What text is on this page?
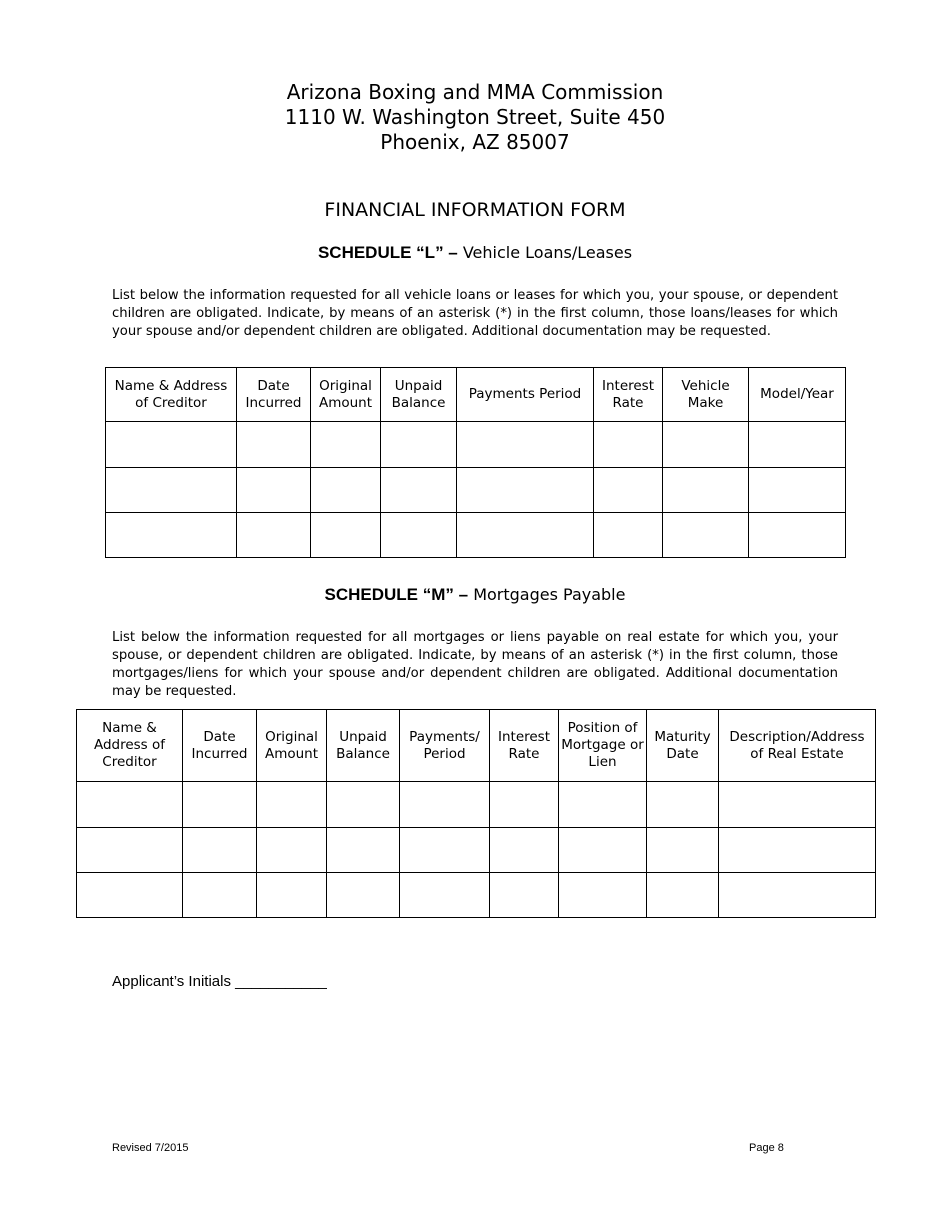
Arizona Boxing and MMA Commission
1110 W. Washington Street, Suite 450
Phoenix, AZ 85007
FINANCIAL INFORMATION FORM
SCHEDULE “L” – Vehicle Loans/Leases
List below the information requested for all vehicle loans or leases for which you, your spouse, or dependent children are obligated. Indicate, by means of an asterisk (*) in the first column, those loans/leases for which your spouse and/or dependent children are obligated. Additional documentation may be requested.
Name & Address of Creditor	Date Incurred	Original Amount	Unpaid Balance	Payments Period	Interest Rate	Vehicle Make	Model/Year

SCHEDULE “M” – Mortgages Payable
List below the information requested for all mortgages or liens payable on real estate for which you, your spouse, or dependent children are obligated. Indicate, by means of an asterisk (*) in the first column, those mortgages/liens for which your spouse and/or dependent children are obligated. Additional documentation may be requested.
Name & Address of Creditor	Date Incurred	Original Amount	Unpaid Balance	Payments/ Period	Interest Rate	Position of Mortgage or Lien	Maturity Date	Description/Address of Real Estate

Applicant’s Initials ___________
Revised 7/2015	Page 8
